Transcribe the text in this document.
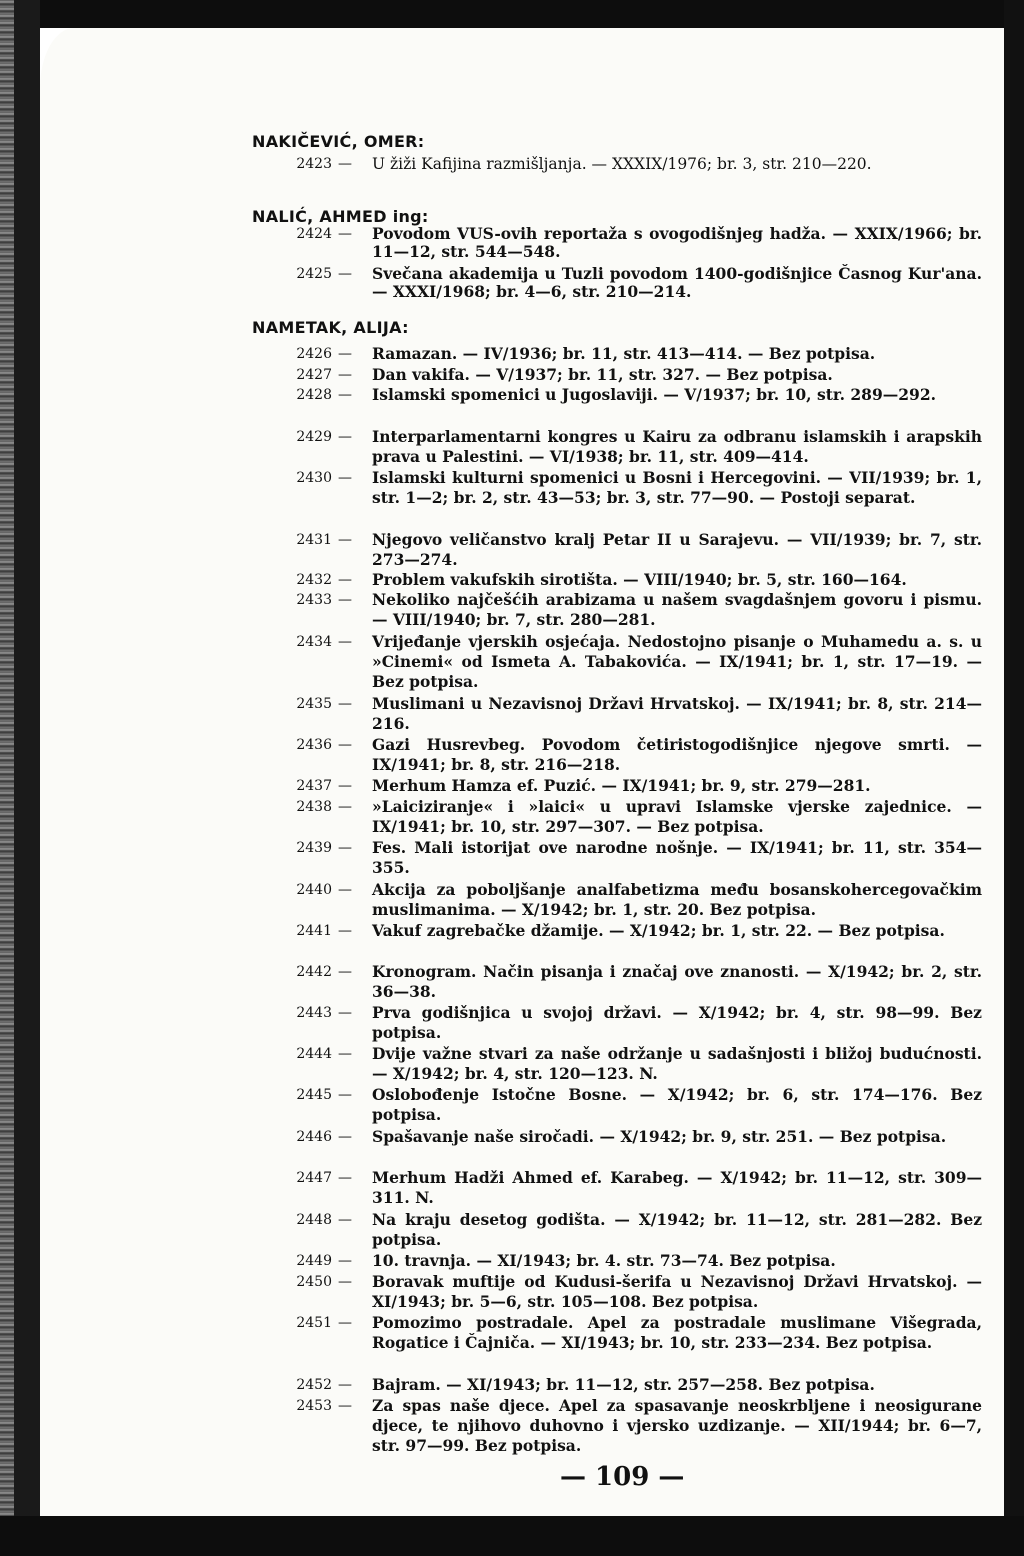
NAKIČEVIĆ, OMER:
NALIĆ, AHMED ing:
NAMETAK, ALIJA:
2423 — U žiži Kafijina razmišljanja. — XXXIX/1976; br. 3, str. 210—220.
2424 — Povodom VUS-ovih reportaža s ovogodišnjeg hadža. — XXIX/1966; br. 11—12, str. 544—548.
2425 — Svečana akademija u Tuzli povodom 1400-godišnjice Časnog Kur'ana. — XXXI/1968; br. 4—6, str. 210—214.
2426 — Ramazan. — IV/1936; br. 11, str. 413—414. — Bez potpisa.
2427 — Dan vakifa. — V/1937; br. 11, str. 327. — Bez potpisa.
2428 — Islamski spomenici u Jugoslaviji. — V/1937; br. 10, str. 289—292.
2429 — Interparlamentarni kongres u Kairu za odbranu islamskih i arapskih prava u Palestini. — VI/1938; br. 11, str. 409—414.
2430 — Islamski kulturni spomenici u Bosni i Hercegovini. — VII/1939; br. 1, str. 1—2; br. 2, str. 43—53; br. 3, str. 77—90. — Postoji separat.
2431 — Njegovo veličanstvo kralj Petar II u Sarajevu. — VII/1939; br. 7, str. 273—274.
2432 — Problem vakufskih sirotišta. — VIII/1940; br. 5, str. 160—164.
2433 — Nekoliko najčešćih arabizama u našem svagdašnjem govoru i pismu. — VIII/1940; br. 7, str. 280—281.
2434 — Vrijeđanje vjerskih osjećaja. Nedostojno pisanje o Muhamedu a. s. u »Cinemi« od Ismeta A. Tabakovića. — IX/1941; br. 1, str. 17—19. — Bez potpisa.
2435 — Muslimani u Nezavisnoj Državi Hrvatskoj. — IX/1941; br. 8, str. 214—216.
2436 — Gazi Husrevbeg. Povodom četiristogodišnjice njegove smrti. — IX/1941; br. 8, str. 216—218.
2437 — Merhum Hamza ef. Puzić. — IX/1941; br. 9, str. 279—281.
2438 — »Laiciziranje« i »laici« u upravi Islamske vjerske zajednice. — IX/1941; br. 10, str. 297—307. — Bez potpisa.
2439 — Fes. Mali istorijat ove narodne nošnje. — IX/1941; br. 11, str. 354—355.
2440 — Akcija za poboljšanje analfabetizma među bosanskohercegovačkim muslimanima. — X/1942; br. 1, str. 20. Bez potpisa.
2441 — Vakuf zagrebačke džamije. — X/1942; br. 1, str. 22. — Bez potpisa.
2442 — Kronogram. Način pisanja i značaj ove znanosti. — X/1942; br. 2, str. 36—38.
2443 — Prva godišnjica u svojoj državi. — X/1942; br. 4, str. 98—99. Bez potpisa.
2444 — Dvije važne stvari za naše održanje u sadašnjosti i bližoj budućnosti. — X/1942; br. 4, str. 120—123. N.
2445 — Oslobođenje Istočne Bosne. — X/1942; br. 6, str. 174—176. Bez potpisa.
2446 — Spašavanje naše siročadi. — X/1942; br. 9, str. 251. — Bez potpisa.
2447 — Merhum Hadži Ahmed ef. Karabeg. — X/1942; br. 11—12, str. 309—311. N.
2448 — Na kraju desetog godišta. — X/1942; br. 11—12, str. 281—282. Bez potpisa.
2449 — 10. travnja. — XI/1943; br. 4. str. 73—74. Bez potpisa.
2450 — Boravak muftije od Kudusi-šerifa u Nezavisnoj Državi Hrvatskoj. — XI/1943; br. 5—6, str. 105—108. Bez potpisa.
2451 — Pomozimo postradale. Apel za postradale muslimane Višegrada, Rogatice i Čajniča. — XI/1943; br. 10, str. 233—234. Bez potpisa.
2452 — Bajram. — XI/1943; br. 11—12, str. 257—258. Bez potpisa.
2453 — Za spas naše djece. Apel za spasavanje neoskrbljene i neosigurane djece, te njihovo duhovno i vjersko uzdizanje. — XII/1944; br. 6—7, str. 97—99. Bez potpisa.
— 109 —
